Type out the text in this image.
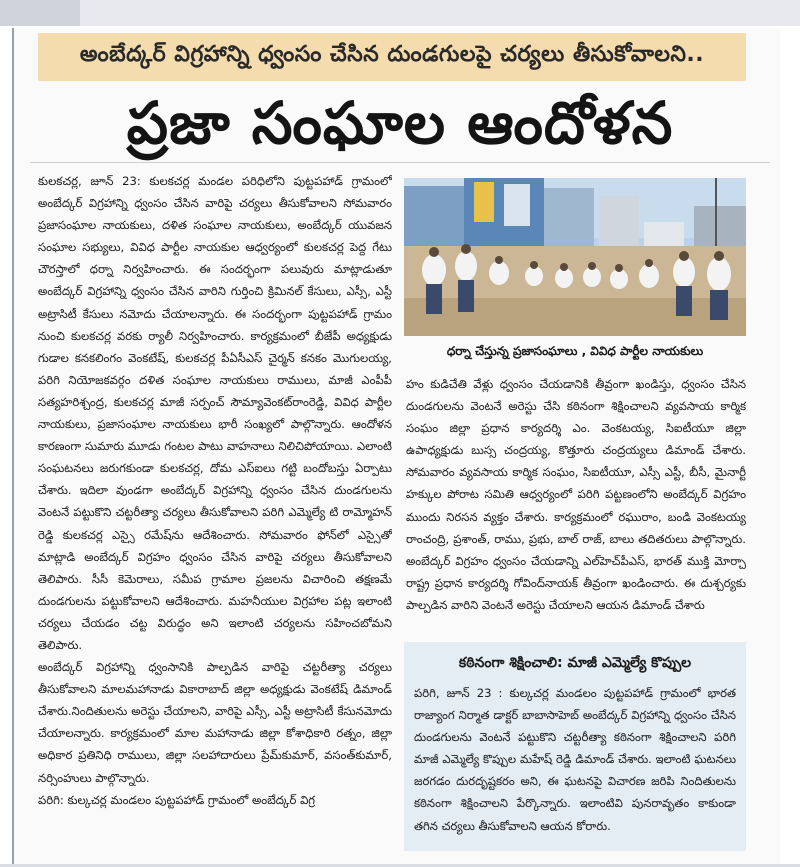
అంబేద్కర్ విగ్రహాన్ని ధ్వంసం చేసిన దుండగులపై చర్యలు తీసుకోవాలని..
ప్రజా సంఘాల ఆందోళన

కులకచర్ల, జూన్ 23: కులకచర్ల మండల పరిధిలోని పుట్టపహాడ్ గ్రామంలో అంబేద్కర్ విగ్రహాన్ని ధ్వంసం చేసిన వారిపై చర్యలు తీసుకోవాలని సోమవారం ప్రజాసంఘాల నాయకులు, దళిత సంఘాల నాయకులు, అంబేద్కర్ యువజన సంఘాల సభ్యులు, వివిధ పార్టీల నాయకుల ఆధ్వర్యంలో కులకచర్ల పెద్ద గేటు చౌరస్తాలో ధర్నా నిర్వహించారు. ఈ సందర్భంగా పలువురు మాట్లాడుతూ అంబేద్కర్ విగ్రహాన్ని ధ్వంసం చేసిన వారిని గుర్తించి క్రిమినల్ కేసులు, ఎస్సీ, ఎస్టీ అట్రాసిటీ కేసులు నమోదు చేయాలన్నారు. ఈ సందర్భంగా పుట్టపహాడ్ గ్రామం నుంచి కులకచర్ల వరకు ర్యాలీ నిర్వహించారు. కార్యక్రమంలో బీజేపీ అధ్యక్షుడు గుడాల కనకలింగం వెంకటేష్, కులకచర్ల పీఏసీఎస్ చైర్మన్ కనకం మొగులయ్య, పరిగి నియోజకవర్గం దళిత సంఘాల నాయకులు రాములు, మాజీ ఎంపీపీ సత్యహరిశ్చంద్ర, కులకచర్ల మాజీ సర్పంచ్ సౌమ్యావెంకట్‌రాంరెడ్డి, వివిధ పార్టీల నాయకులు, ప్రజాసంఘాల నాయకులు భారీ సంఖ్యలో పాల్గొన్నారు. ఆందోళన కారణంగా సుమారు మూడు గంటల పాటు వాహనాలు నిలిచిపోయాయి. ఎలాంటి సంఘటనలు జరుగకుండా కులకచర్ల, దోమ ఎస్‌ఐలు గట్టి బందోబస్తు ఏర్పాటు చేశారు. ఇదిలా వుండగా అంబేద్కర్ విగ్రహాన్ని ధ్వంసం చేసిన దుండగులను వెంటనే పట్టుకొని చట్టరీత్యా చర్యలు తీసుకోవాలని పరిగి ఎమ్మెల్యే టి రామ్మోహన్ రెడ్డి కులకచర్ల ఎస్సై రమేష్‌ను ఆదేశించారు. సోమవారం ఫోన్‌లో ఎస్సైతో మాట్లాడి అంబేద్కర్ విగ్రహం ధ్వంసం చేసిన వారిపై చర్యలు తీసుకోవాలని తెలిపారు. సీసీ కెమెరాలు, సమీప గ్రామాల ప్రజలను విచారించి తక్షణమే దుండగులను పట్టుకోవాలని ఆదేశించారు. మహనీయుల విగ్రహాల పట్ల ఇలాంటి చర్యలు చేయడం చట్ట విరుద్ధం అని ఇలాంటి చర్యలను సహించబోమని తెలిపారు.

అంబేద్కర్ విగ్రహాన్ని ధ్వంసానికి పాల్పడిన వారిపై చట్టరీత్యా చర్యలు తీసుకోవాలని మాలమహానాడు వికారాబాద్ జిల్లా అధ్యక్షుడు వెంకటేష్ డిమాండ్ చేశారు.నిందితులను అరెస్టు చేయాలని, వారిపై ఎస్సీ, ఎస్టీ అట్రాసిటీ కేసునమోదు చేయాలన్నారు. కార్యక్రమంలో మాల మహానాడు జిల్లా కోశాధికారి రత్నం, జిల్లా అధికార ప్రతినిధి రాములు, జిల్లా సలహాదారులు ప్రేమ్‌కుమార్, వసంత్‌కుమార్, నర్సింహులు పాల్గొన్నారు.

పరిగి: కుల్కచర్ల మండలం పుట్టపహాడ్ గ్రామంలో అంబేద్కర్ విగ్ర

ధర్నా చేస్తున్న ప్రజాసంఘాలు , వివిధ పార్టీల నాయకులు

హం కుడిచేతి వేళ్లు ధ్వంసం చేయడానికి తీవ్రంగా ఖండిస్తు, ధ్వంసం చేసిన దుండగులను వెంటనే అరెస్టు చేసి కఠినంగా శిక్షించాలని వ్యవసాయ కార్మిక సంఘం జిల్లా ప్రధాన కార్యదర్శి ఎం. వెంకటయ్య, సిఐటీయూ జిల్లా ఉపాధ్యక్షుడు బుస్స చంద్రయ్య, కొత్తూరు చంద్రయ్యలు డిమాండ్ చేశారు. సోమవారం వ్యవసాయ కార్మిక సంఘం, సిఐటీయూ, ఎస్సీ ఎస్టీ, బీసీ, మైనార్టీ హక్కుల పోరాట సమితి ఆధ్వర్యంలో పరిగి పట్టణంలోని అంబేద్కర్ విగ్రహం ముందు నిరసన వ్యక్తం చేశారు. కార్యక్రమంలో రఘురాం, బండి వెంకటయ్య రాంచంద్రి, ప్రశాంత్, రాము, ప్రభు, బాల్ రాజ్, బాలు తదితరులు పాల్గొన్నారు. అంబేద్కర్ విగ్రహం ధ్వంసం చేయడాన్ని ఎల్‌హెచ్‌పీఎస్, భారత్ ముక్తి మోర్చా రాష్ట్ర ప్రధాన కార్యదర్శి గోవింద్‌నాయక్ తీవ్రంగా ఖండించారు. ఈ దుశ్చర్యకు పాల్పడిన వారిని వెంటనే అరెస్టు చేయాలని ఆయన డిమాండ్ చేశారు

కఠినంగా శిక్షించాలి: మాజీ ఎమ్మెల్యే కొప్పుల

పరిగి, జూన్ 23 : కుల్కచర్ల మండలం పుట్టపహాడ్ గ్రామంలో భారత రాజ్యాంగ నిర్మాత డాక్టర్ బాబాసాహెబ్ అంబేద్కర్ విగ్రహాన్ని ధ్వంసం చేసిన దుండగులను వెంటనే పట్టుకొని చట్టరీత్యా కఠినంగా శిక్షించాలని పరిగి మాజీ ఎమ్మెల్యే కొప్పుల మహేష్ రెడ్డి డిమాండ్ చేశారు. ఇలాంటి ఘటనలు జరగడం దురదృష్టకరం అని, ఈ ఘటనపై విచారణ జరిపి నిందితులను కఠినంగా శిక్షించాలని పేర్కొన్నారు. ఇలాంటివి పునరావృతం కాకుండా తగిన చర్యలు తీసుకోవాలని ఆయన కోరారు.
